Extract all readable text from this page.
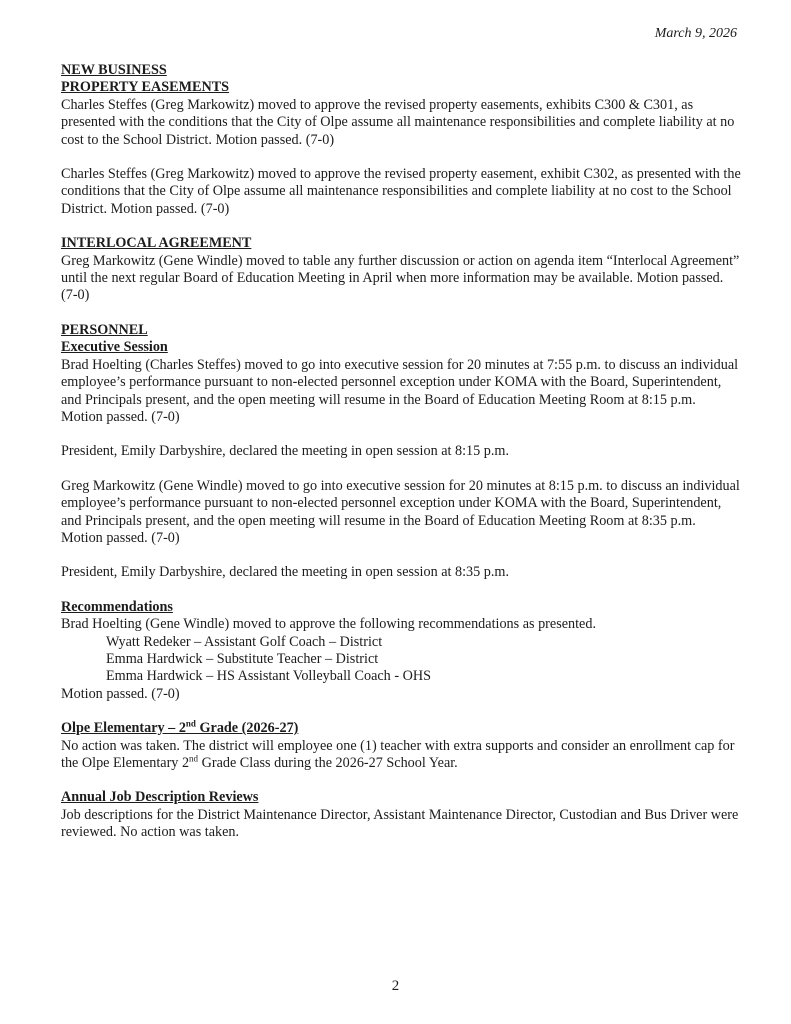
March 9, 2026
NEW BUSINESS
PROPERTY EASEMENTS

Charles Steffes (Greg Markowitz) moved to approve the revised property easements, exhibits C300 & C301, as presented with the conditions that the City of Olpe assume all maintenance responsibilities and complete liability at no cost to the School District. Motion passed. (7-0)

Charles Steffes (Greg Markowitz) moved to approve the revised property easement, exhibit C302, as presented with the conditions that the City of Olpe assume all maintenance responsibilities and complete liability at no cost to the School District. Motion passed. (7-0)

INTERLOCAL AGREEMENT

Greg Markowitz (Gene Windle) moved to table any further discussion or action on agenda item “Interlocal Agreement” until the next regular Board of Education Meeting in April when more information may be available. Motion passed. (7-0)

PERSONNEL
Executive Session

Brad Hoelting (Charles Steffes) moved to go into executive session for 20 minutes at 7:55 p.m. to discuss an individual employee’s performance pursuant to non-elected personnel exception under KOMA with the Board, Superintendent, and Principals present, and the open meeting will resume in the Board of Education Meeting Room at 8:15 p.m. Motion passed. (7-0)

President, Emily Darbyshire, declared the meeting in open session at 8:15 p.m.

Greg Markowitz (Gene Windle) moved to go into executive session for 20 minutes at 8:15 p.m. to discuss an individual employee’s performance pursuant to non-elected personnel exception under KOMA with the Board, Superintendent, and Principals present, and the open meeting will resume in the Board of Education Meeting Room at 8:35 p.m. Motion passed. (7-0)

President, Emily Darbyshire, declared the meeting in open session at 8:35 p.m.

Recommendations

Brad Hoelting (Gene Windle) moved to approve the following recommendations as presented.

Wyatt Redeker – Assistant Golf Coach – District

Emma Hardwick – Substitute Teacher – District

Emma Hardwick – HS Assistant Volleyball Coach - OHS

Motion passed. (7-0)

Olpe Elementary – 2nd Grade (2026-27)

No action was taken. The district will employee one (1) teacher with extra supports and consider an enrollment cap for the Olpe Elementary 2nd Grade Class during the 2026-27 School Year.

Annual Job Description Reviews

Job descriptions for the District Maintenance Director, Assistant Maintenance Director, Custodian and Bus Driver were reviewed. No action was taken.

2
